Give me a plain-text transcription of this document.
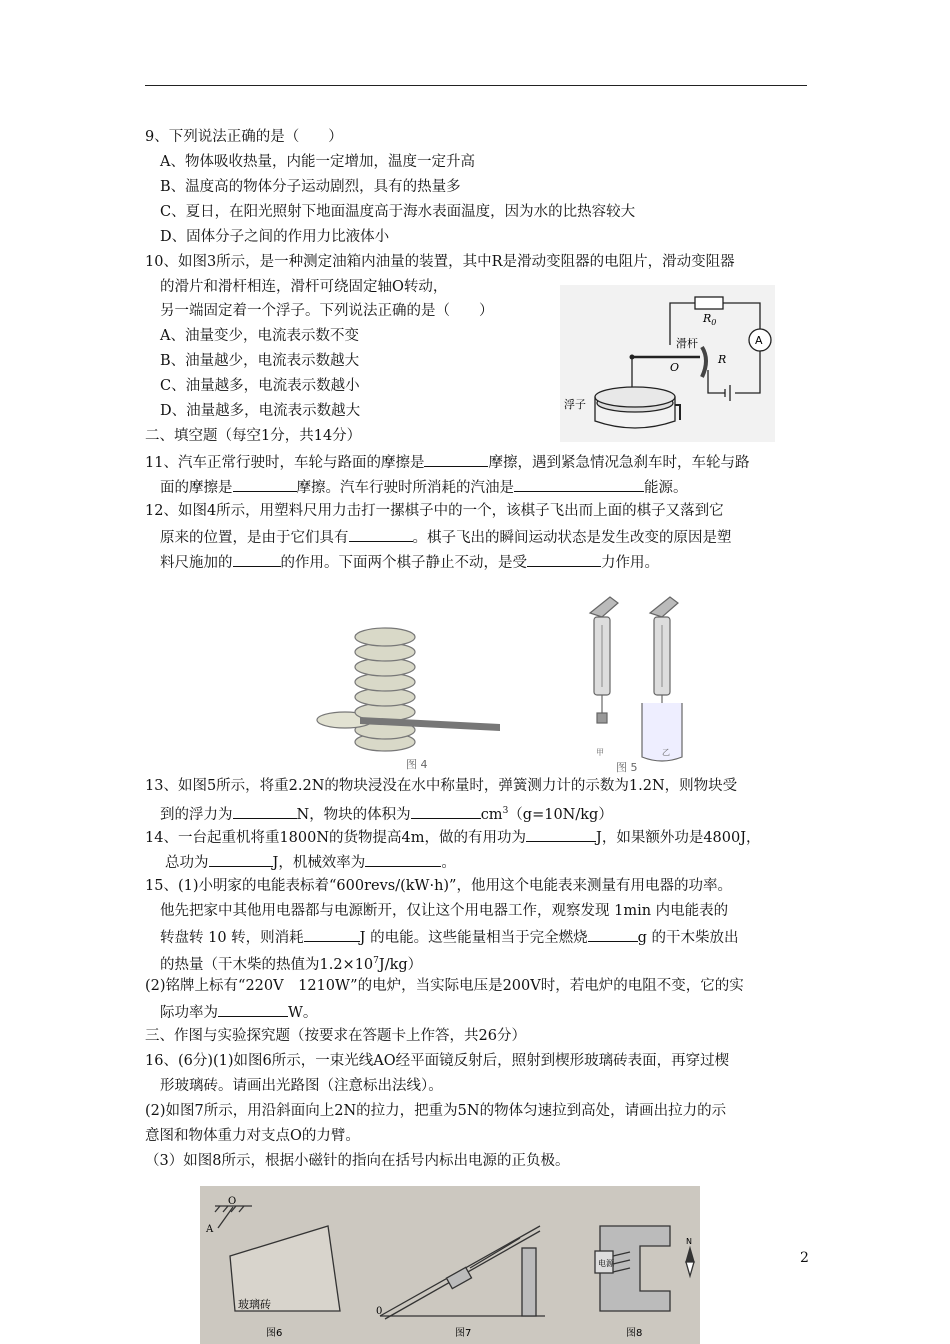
9、下列说法正确的是（　　）
A、物体吸收热量，内能一定增加，温度一定升高
B、温度高的物体分子运动剧烈，具有的热量多
C、夏日，在阳光照射下地面温度高于海水表面温度，因为水的比热容较大
D、固体分子之间的作用力比液体小
10、如图3所示，是一种测定油箱内油量的装置，其中R是滑动变阻器的电阻片，滑动变阻器
的滑片和滑杆相连，滑杆可绕固定轴O转动，
另一端固定着一个浮子。下列说法正确的是（　　）
A、油量变少，电流表示数不变
B、油量越少，电流表示数越大
C、油量越多，电流表示数越小
D、油量越多，电流表示数越大
$R_0$
A
滑杆
O
R
浮子
二、填空题（每空1分，共14分）
11、汽车正常行驶时，车轮与路面的摩擦是	摩擦，遇到紧急情况急刹车时，车轮与路
面的摩擦是	摩擦。汽车行驶时所消耗的汽油是	能源。
12、如图4所示，用塑料尺用力击打一摞棋子中的一个，该棋子飞出而上面的棋子又落到它
原来的位置，是由于它们具有	。棋子飞出的瞬间运动状态是发生改变的原因是塑
料尺施加的	的作用。下面两个棋子静止不动，是受	力作用。
图 4
甲	乙
图 5
13、如图5所示，将重2.2N的物块浸没在水中称量时，弹簧测力计的示数为1.2N，则物块受
到的浮力为	N，物块的体积为	$cm^3(g=10N/kg)$
14、一台起重机将重1800N的货物提高4m，做的有用功为	J，如果额外功是4800J，
总功为	J，机械效率为	。
15、(1)小明家的电能表标着“600revs/(kW·h)”，他用这个电能表来测量有用电器的功率。
他先把家中其他用电器都与电源断开，仅让这个用电器工作，观察发现 1min 内电能表的
转盘转 10 转，则消耗	J 的电能。这些能量相当于完全燃烧	g 的干木柴放出
的热量（干木柴的热值为$1.2\times 10^7J/kg$）
(2)铭牌上标有“220V　1210W”的电炉，当实际电压是200V时，若电炉的电阻不变，它的实
际功率为	W。
三、作图与实验探究题（按要求在答题卡上作答，共26分）
16、(6分)(1)如图6所示，一束光线AO经平面镜反射后，照射到楔形玻璃砖表面，再穿过楔
形玻璃砖。请画出光路图（注意标出法线）。
(2)如图7所示，用沿斜面向上2N的拉力，把重为5N的物体匀速拉到高处，请画出拉力的示
意图和物体重力对支点O的力臂。
（3）如图8所示，根据小磁针的指向在括号内标出电源的正负极。
O
A
玻璃砖
图6
0
图7
电源
N
图8
2
